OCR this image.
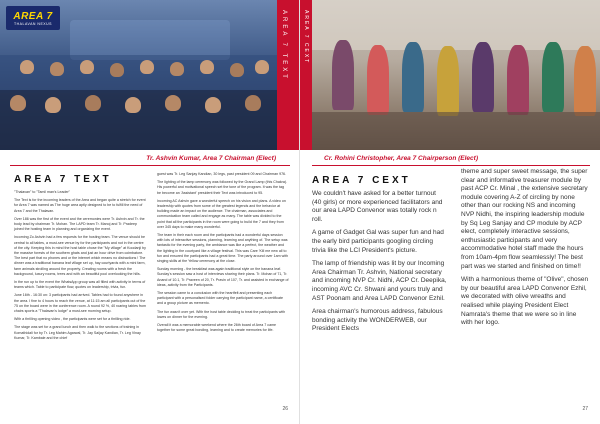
AREA 7
THALAVAN NEXUS	AREA 7 TEXT
Tr. Ashvin Kumar, Area 7 Chairman (Elect)
AREA 7 TEXT

"Thalavan" to "Tamil man's Leader"

The Text is for the incoming leaders of the Area and began quite a stretch for event for Area 7 was named as The huge area aptly designed to be to fulfill the need of Area 7 and the Thalavan.

Over 186 was the first of the event and the ceremonies were Tr. Ashvin and Tr. the body lead by chairman Tr. Mohan. The LAPD team Tr. Manoj and Tr. Pradeep joined the hosting team in planning and organizing the event.

Incoming Zo Ashvin had a few requests for the hosting team. The venue should be central to all tables, a must-see venue by for the participants and not in the centre of the city. Keeping this in mind the host table chose the "My village" at Koodanji by the massive forests of the southern ghats and just an hour drive from coimbatore. The best part that no phones and or the internet which means no distractions ! The dinner was a traditional banana leaf village set up, hay courtyards with a mini farm, farm animals strolling around the property. Creating rooms with a fresh the background, luxury rooms, trees and with an beautiful pool overlooking the hills.

In the run up to the event the WhatsApp group was all filled with activity in terms of teams which. Table to participate flow, quotes on leadership, trivia, fun.

June 16th - 16:30 on: 3 participants had arrived. Tables had to found anywhere in the area. I fine to 4 hours to reach the venue, at 11:15 am all participants out of the 75 on the board were in the conference room. A round 92 %, 40 roaring tables from chairs sports a "Thalavan's lodge" a must-see morning setup.

With a thrilling opening video , the participants were set for a thrilling ride.

The stage was set for a grand lunch and then walk to the sections of training in Komathidali for by Tr. Leg Mahim Agarwal, Tr. Jay Saijay Kandian, Tr. Leg Vinay Kumar, Tr. Kambale and the chief

guest was Tr. Leg Sanjay Kandian, 30 legs, past president 09 and Chairman 976.

The lighting of the lamp ceremony was followed by the Grand Lamp (this Chakra). His powerful and motivational speech set the tone of the program. It was the tag be become an 'Assistant' president their Text was introduced to 95.

Incoming AC Ashvin gave a wonderful speech on his vision and plans. A video on leadership with quotes from some of the greatest legends and the behavior at building made an impact on the audience. The chairman, associates and communication team called and engage as many. The table was divided to the point that all the participants in the room were going to build the 7 and they from over 345 days to make many wonderful.

The team in their each room and the participants had a wonderful days session with lots of interactive sessions, planning, learning and anything of. The setup was fantastic for the evening party, the ambiance was like a perfect, the weather and the lighting in the courtyard like a village festival. This was Care 'Kill me new all to fun and ensured the participants had a great time. The party around over 1am with singing skills at the Yellow ceremony at the close.

Sunday morning - the breakfast was again traditional style on the banana leaf. Sunday's session saw a host of interviews sharing their plans. Tr. Mohan of 71, Tr. Anand of 10.1, Tr. Praveen of 20, Tr. Pravin of 107, Tr. and assisted in exchange of ideas, activity from the Participants.

The session came to a conclusion with the heartfelt and presenting each participant with a personalised folder carrying the participant name, a certificate and a group picture as memento.

The fun wasn't over yet. With the host table deciding to treat the participants with lowes on dinner for the evening.

Overall it was a memorable weekend where the 26th board of Area 7 came together for some great bonding, learning and to create memories for life.

26
AREA 7 CEXT
Cr. Rohini Christopher, Area 7 Chairperson (Elect)
AREA 7 CEXT

We couldn't have asked for a better turnout (40 girls) or more experienced facilitators and our area LAPD Convenor was totally rock n roll.

A game of Gadget Gal was super fun and had the early bird participants googling circling trivia like the LCI President's picture.

The lamp of friendship was lit by our Incoming Area Chairman Tr. Ashvin, National secretary and incoming NVP Cr. Nidhi, ACP Cr. Deepika, incoming AVC Cr. Shwani and yours truly and AST Poonam and Area LAPD Convenor Ezhil.

Area chairman's humorous address, fabulous bonding activity the WONDERWEB, our President Elects

theme and super sweet message, the super clear and informative treasurer module by past ACP Cr. Minal , the extensive secretary module covering A-Z of circling by none other than our rocking NS and incoming NVP Nidhi, the inspiring leadership module by Sq Leg Sanjay and CP module by ACP elect, completely interactive sessions, enthusiastic participants and very accommodative hotel staff made the hours from 10am-4pm flow seamlessly! The best part was we started and finished on time!!

With a harmonious theme of "Olive", chosen by our beautiful area LAPD Convenor Ezhil, we decorated with olive wreaths and realised while playing President Elect Namrata's theme that we were so in line with her logo.

27
